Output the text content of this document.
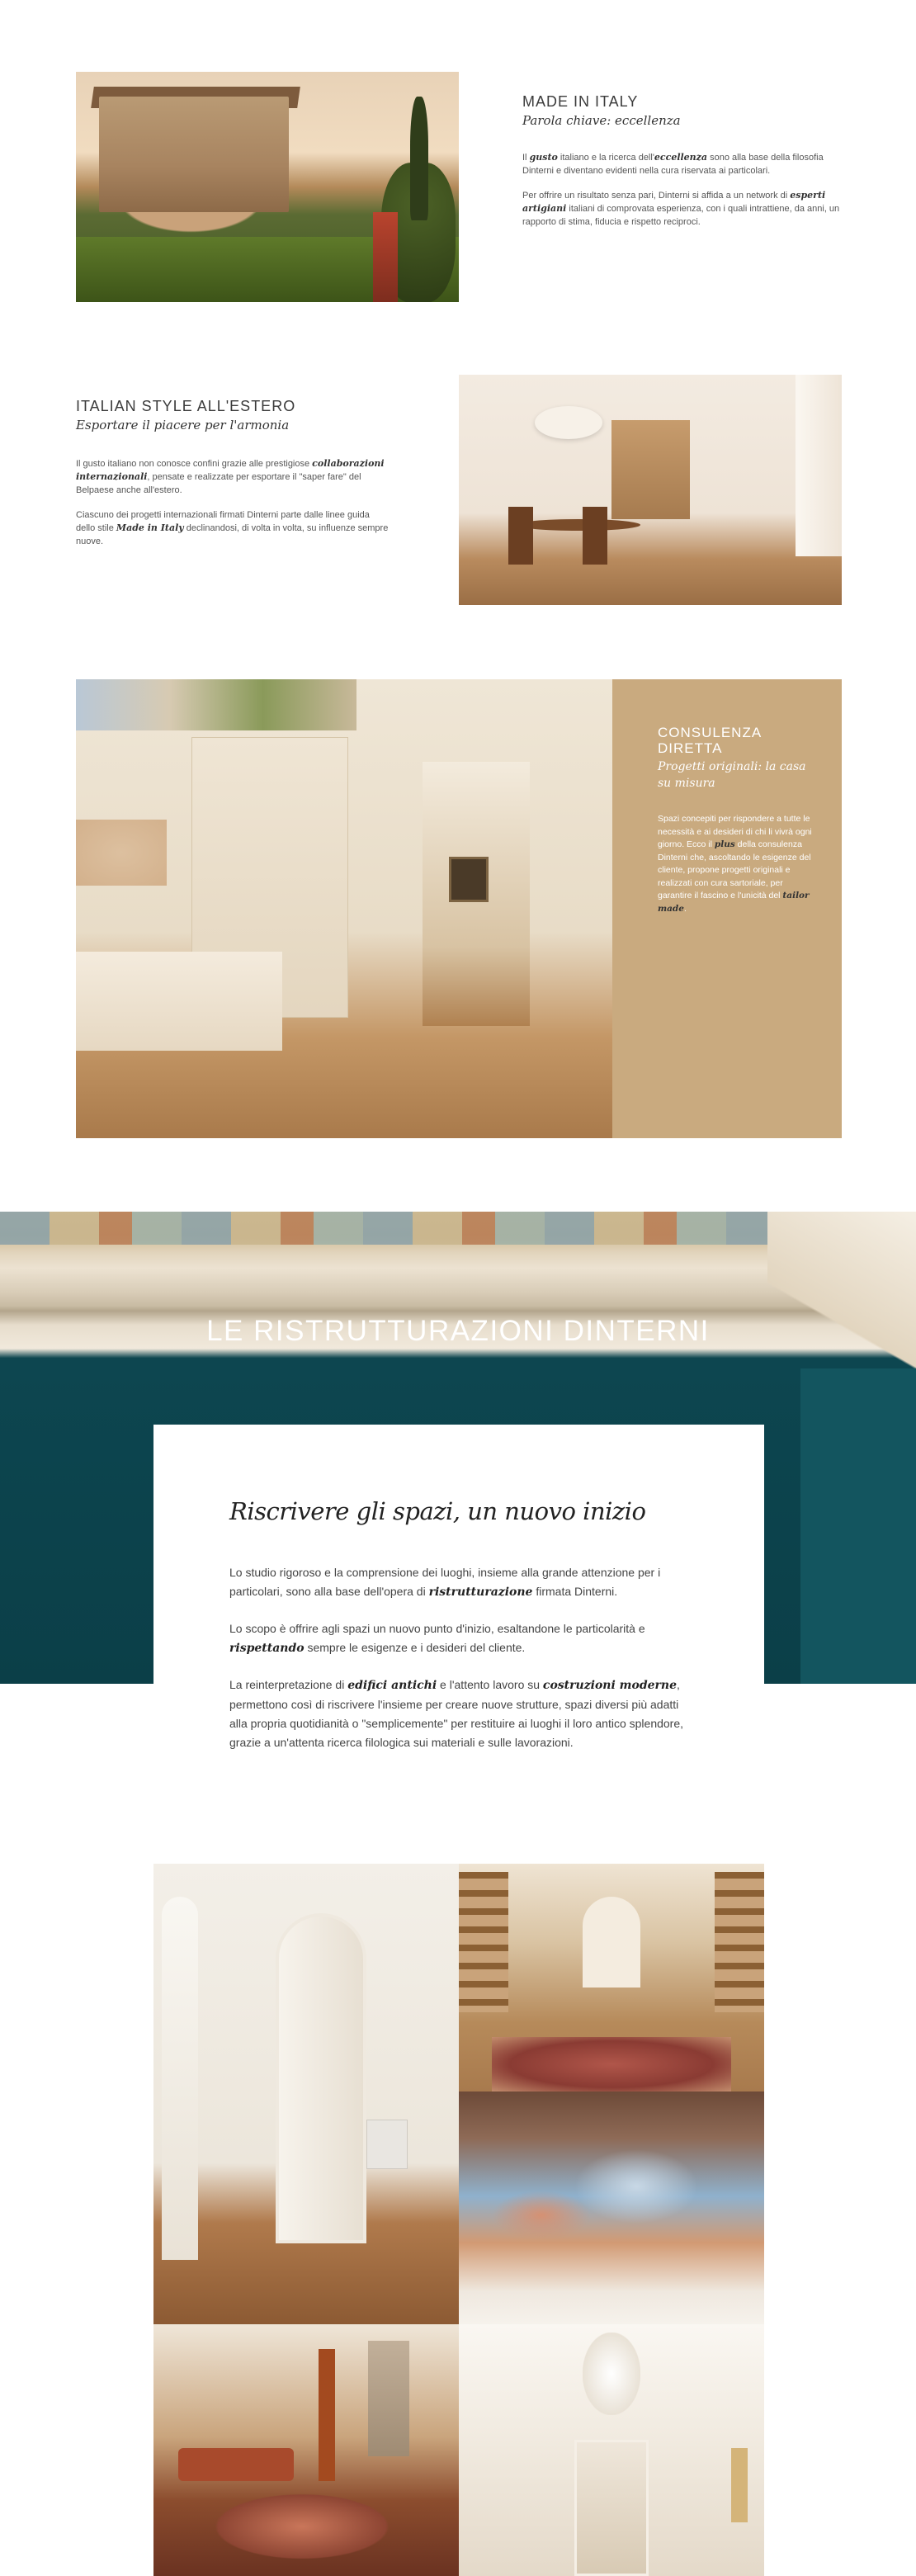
MADE IN ITALY
Parola chiave: eccellenza
Il gusto italiano e la ricerca dell'eccellenza sono alla base della filosofia Dinterni e diventano evidenti nella cura riservata ai particolari.
Per offrire un risultato senza pari, Dinterni si affida a un network di esperti artigiani italiani di comprovata esperienza, con i quali intrattiene, da anni, un rapporto di stima, fiducia e rispetto reciproci.
ITALIAN STYLE ALL'ESTERO
Esportare il piacere per l'armonia
Il gusto italiano non conosce confini grazie alle prestigiose collaborazioni internazionali, pensate e realizzate per esportare il "saper fare" del Belpaese anche all'estero.
Ciascuno dei progetti internazionali firmati Dinterni parte dalle linee guida dello stile Made in Italy declinandosi, di volta in volta, su influenze sempre nuove.
CONSULENZA DIRETTA
Progetti originali: la casa su misura
Spazi concepiti per rispondere a tutte le necessità e ai desideri di chi li vivrà ogni giorno. Ecco il plus della consulenza Dinterni che, ascoltando le esigenze del cliente, propone progetti originali e realizzati con cura sartoriale, per garantire il fascino e l'unicità del tailor made.
LE RISTRUTTURAZIONI DINTERNI
Riscrivere gli spazi, un nuovo inizio
Lo studio rigoroso e la comprensione dei luoghi, insieme alla grande attenzione per i particolari, sono alla base dell'opera di ristrutturazione firmata Dinterni.
Lo scopo è offrire agli spazi un nuovo punto d'inizio, esaltandone le particolarità e rispettando sempre le esigenze e i desideri del cliente.
La reinterpretazione di edifici antichi e l'attento lavoro su costruzioni moderne, permettono così di riscrivere l'insieme per creare nuove strutture, spazi diversi più adatti alla propria quotidianità o "semplicemente" per restituire ai luoghi il loro antico splendore, grazie a un'attenta ricerca filologica sui materiali e sulle lavorazioni.
